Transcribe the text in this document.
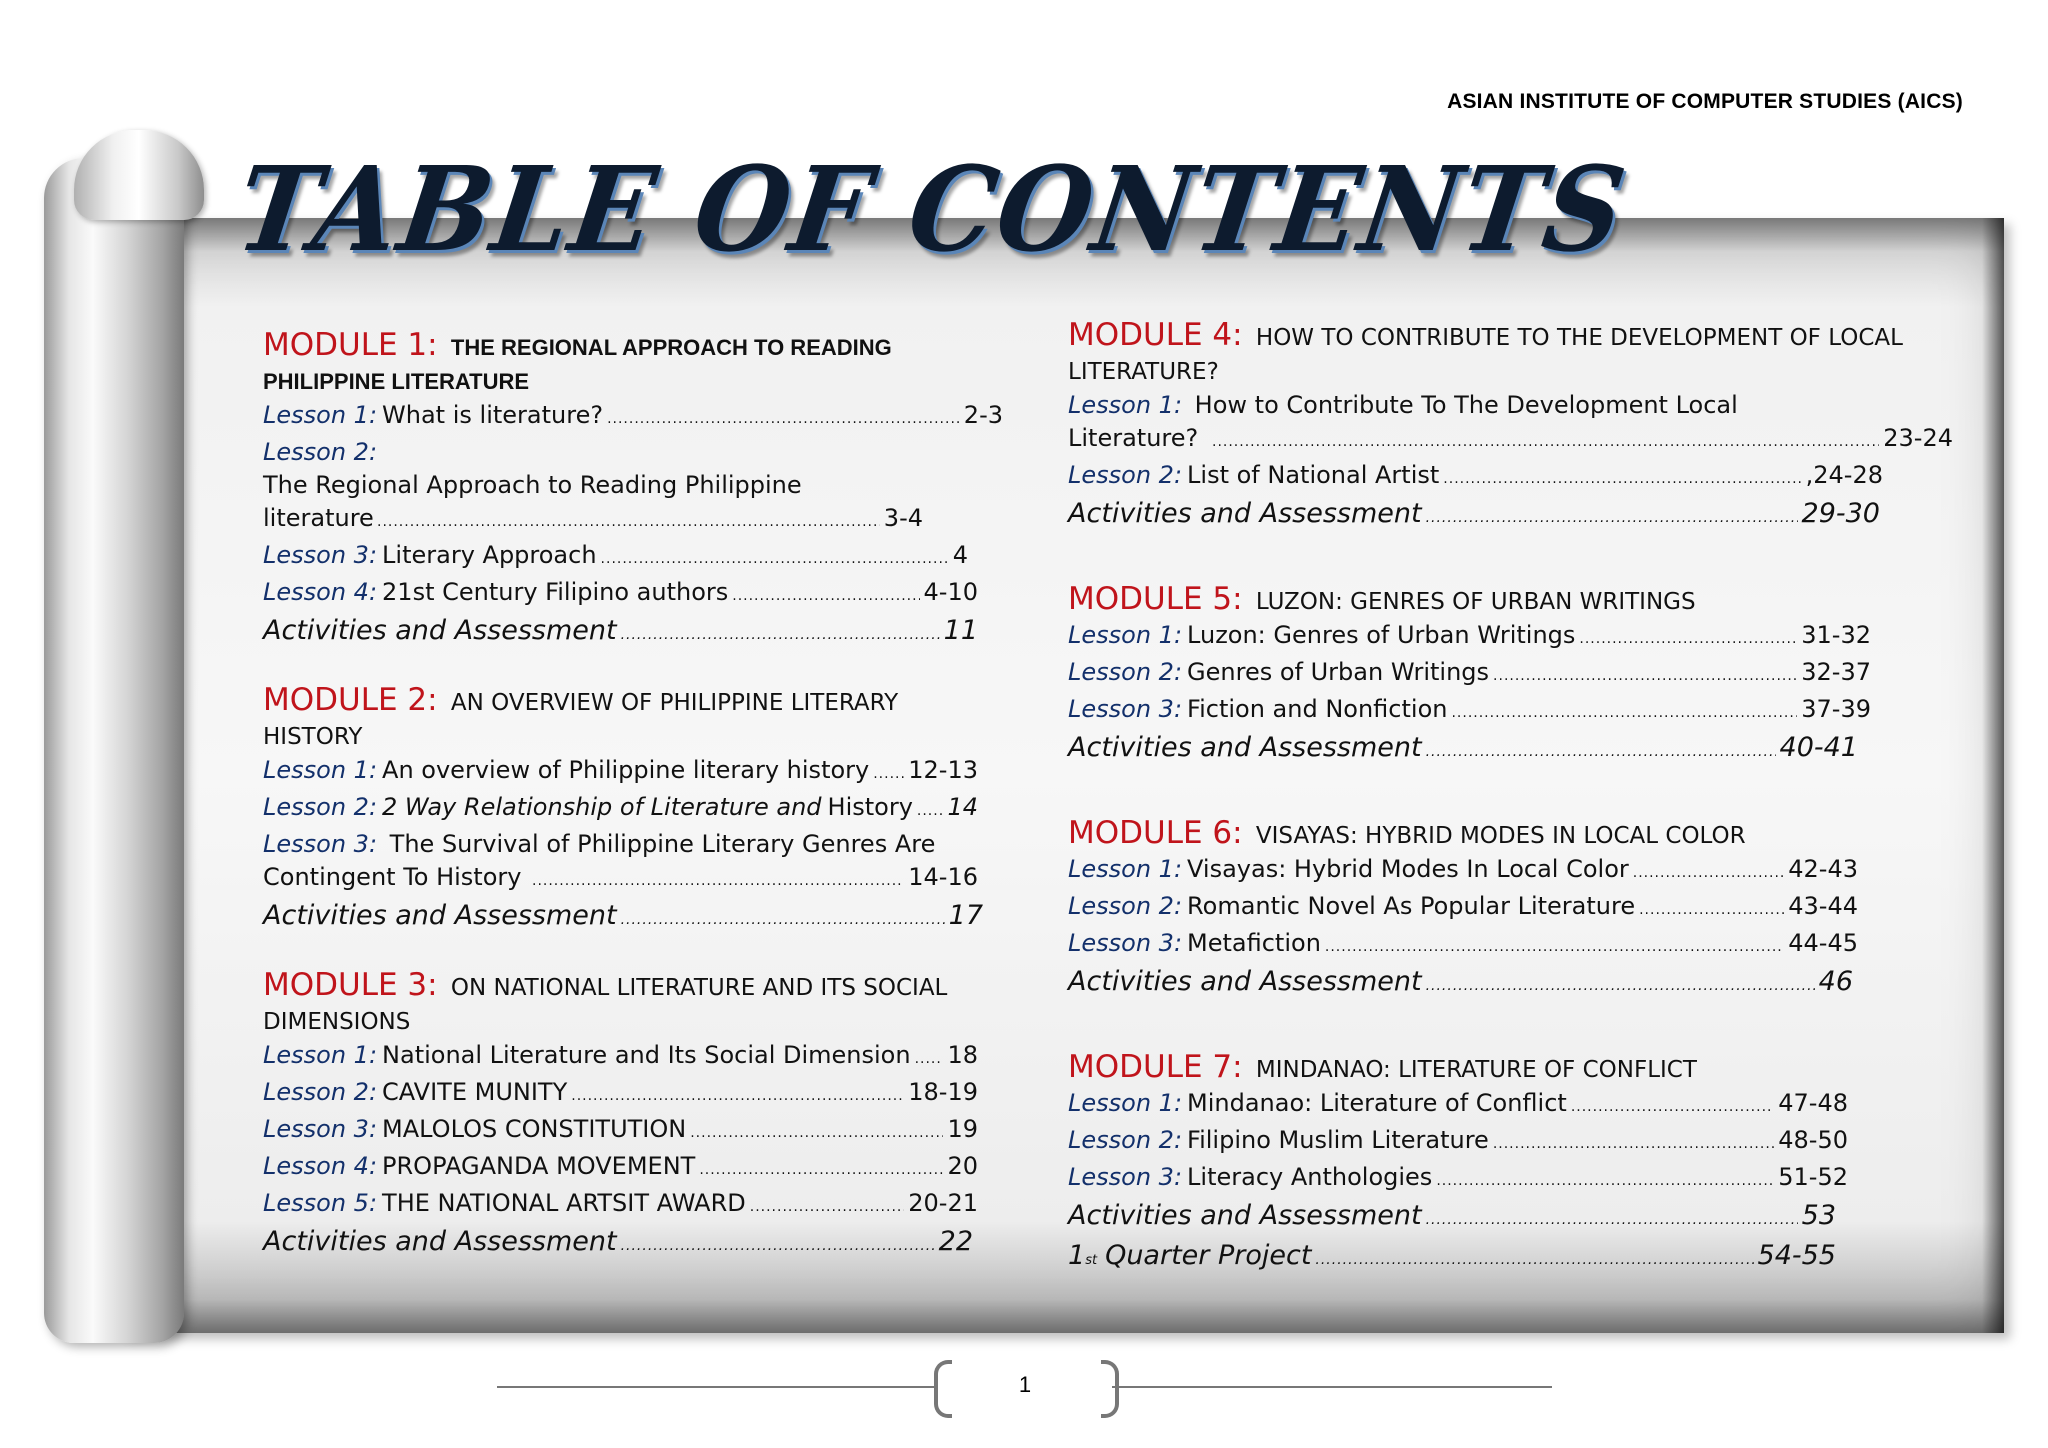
ASIAN INSTITUTE OF COMPUTER STUDIES (AICS)
TABLE OF CONTENTS
MODULE 1: THE REGIONAL APPROACH TO READING PHILIPPINE LITERATURE
Lesson 1: What is literature? .....	2-3
Lesson 2:
The Regional Approach to Reading Philippine literature .....	3-4
Lesson 3: Literary Approach .....	4
Lesson 4: 21st Century Filipino authors .....	4-10
Activities and Assessment .....	11
MODULE 2: AN OVERVIEW OF PHILIPPINE LITERARY HISTORY
Lesson 1: An overview of Philippine literary history ..... 12-13
Lesson 2: 2 Way Relationship of Literature and History ..... 14
Lesson 3: The Survival of Philippine Literary Genres Are Contingent To History .....	14-16
Activities and Assessment .....	17
MODULE 3: ON NATIONAL LITERATURE AND ITS SOCIAL DIMENSIONS
Lesson 1: National Literature and Its Social Dimension ..... 18
Lesson 2: CAVITE MUNITY .....	18-19
Lesson 3: MALOLOS CONSTITUTION .....	19
Lesson 4: PROPAGANDA MOVEMENT .....	20
Lesson 5: THE NATIONAL ARTSIT AWARD .....	20-21
Activities and Assessment .....	22
MODULE 4: HOW TO CONTRIBUTE TO THE DEVELOPMENT OF LOCAL LITERATURE?
Lesson 1: How to Contribute To The Development Local Literature? .....	23-24
Lesson 2: List of National Artist .....	,24-28
Activities and Assessment .....	29-30
MODULE 5: LUZON: GENRES OF URBAN WRITINGS
Lesson 1: Luzon: Genres of Urban Writings .....	31-32
Lesson 2: Genres of Urban Writings .....	32-37
Lesson 3: Fiction and Nonfiction .....	37-39
Activities and Assessment .....	40-41
MODULE 6: VISAYAS: HYBRID MODES IN LOCAL COLOR
Lesson 1: Visayas: Hybrid Modes In Local Color .....	42-43
Lesson 2: Romantic Novel As Popular Literature .....	43-44
Lesson 3: Metafiction .....	44-45
Activities and Assessment .....	46
MODULE 7: MINDANAO: LITERATURE OF CONFLICT
Lesson 1: Mindanao: Literature of Conflict .....	47-48
Lesson 2: Filipino Muslim Literature .....	48-50
Lesson 3: Literacy Anthologies .....	51-52
Activities and Assessment .....	53
1 st Quarter Project .....	54-55
1
